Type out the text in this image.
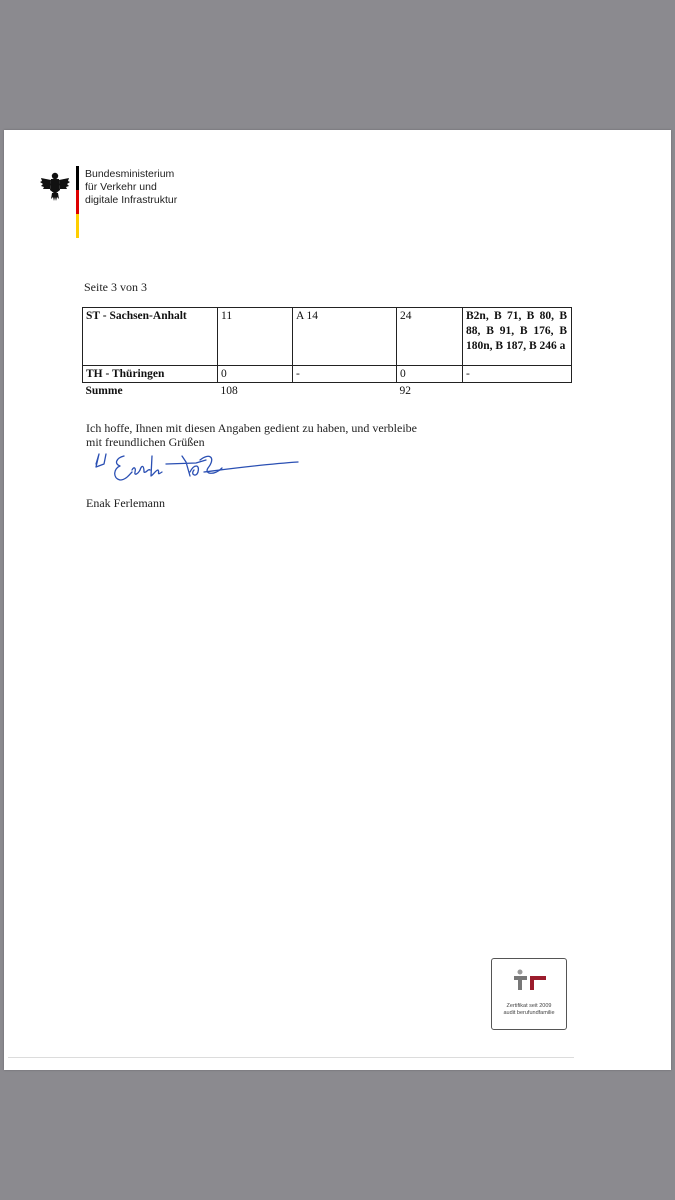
Bundesministerium
für Verkehr und
digitale Infrastruktur
Seite 3 von 3
ST - Sachsen-Anhalt	11	A 14	24	B2n, B 71, B 80, B 88, B 91, B 176, B 180n, B 187, B 246 a
TH - Thüringen	0	-	0	-
Summe	108		92	
Ich hoffe, Ihnen mit diesen Angaben gedient zu haben, und verbleibe
mit freundlichen Grüßen
Enak Ferlemann
Zertifikat seit 2009
audit berufundfamilie
